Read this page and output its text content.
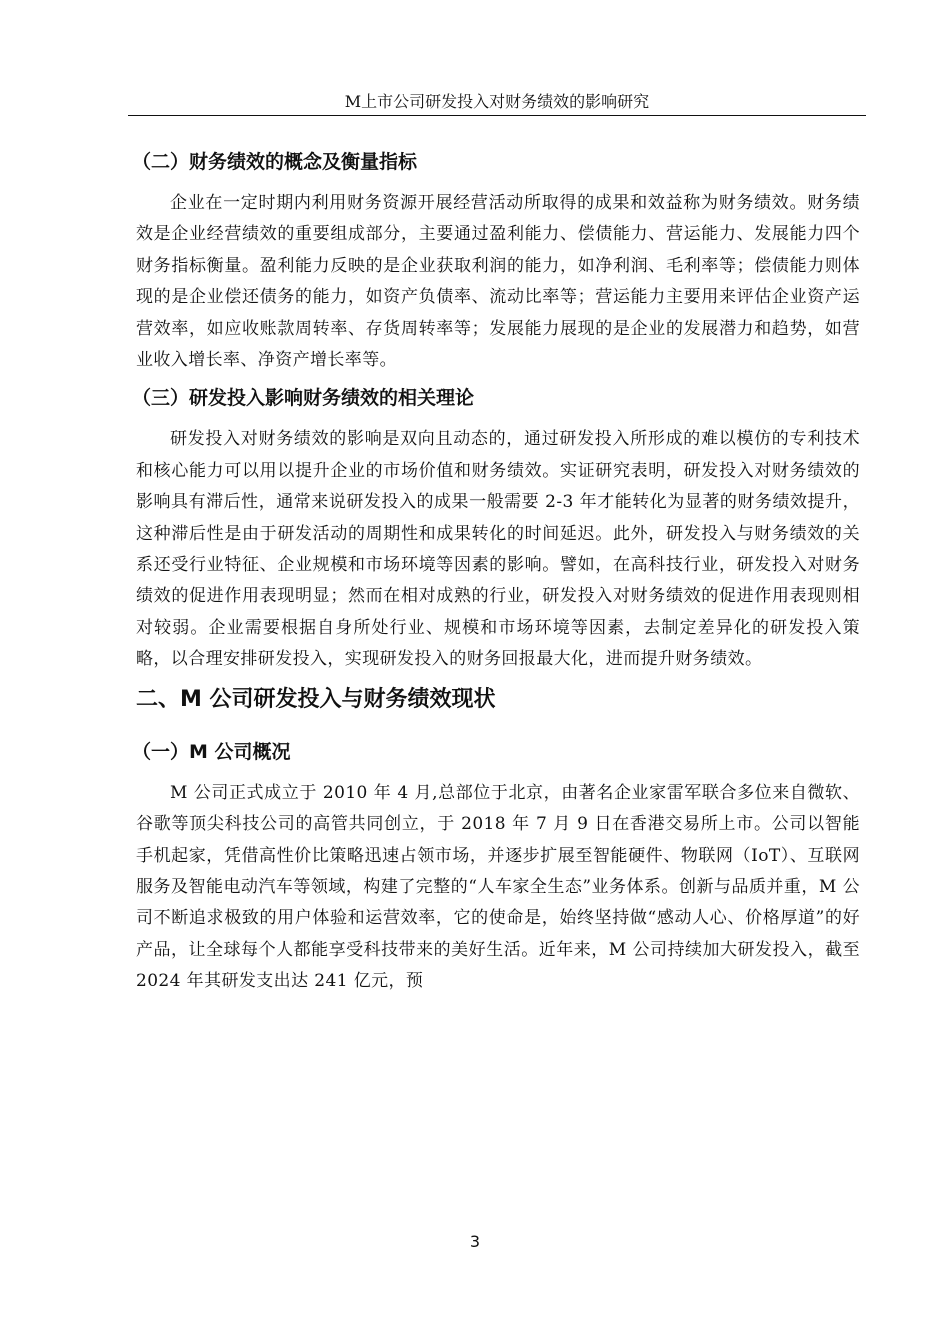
M上市公司研发投入对财务绩效的影响研究
（二）财务绩效的概念及衡量指标

企业在一定时期内利用财务资源开展经营活动所取得的成果和效益称为财务绩效。财务绩效是企业经营绩效的重要组成部分，主要通过盈利能力、偿债能力、营运能力、发展能力四个财务指标衡量。盈利能力反映的是企业获取利润的能力，如净利润、毛利率等；偿债能力则体现的是企业偿还债务的能力，如资产负债率、流动比率等；营运能力主要用来评估企业资产运营效率，如应收账款周转率、存货周转率等；发展能力展现的是企业的发展潜力和趋势，如营业收入增长率、净资产增长率等。

（三）研发投入影响财务绩效的相关理论

研发投入对财务绩效的影响是双向且动态的，通过研发投入所形成的难以模仿的专利技术和核心能力可以用以提升企业的市场价值和财务绩效。实证研究表明，研发投入对财务绩效的影响具有滞后性，通常来说研发投入的成果一般需要 2-3 年才能转化为显著的财务绩效提升，这种滞后性是由于研发活动的周期性和成果转化的时间延迟。此外，研发投入与财务绩效的关系还受行业特征、企业规模和市场环境等因素的影响。譬如，在高科技行业，研发投入对财务绩效的促进作用表现明显；然而在相对成熟的行业，研发投入对财务绩效的促进作用表现则相对较弱。企业需要根据自身所处行业、规模和市场环境等因素，去制定差异化的研发投入策略，以合理安排研发投入，实现研发投入的财务回报最大化，进而提升财务绩效。

二、M 公司研发投入与财务绩效现状
（一）M 公司概况

M 公司正式成立于 2010 年 4 月,总部位于北京，由著名企业家雷军联合多位来自微软、谷歌等顶尖科技公司的高管共同创立，于 2018 年 7 月 9 日在香港交易所上市。公司以智能手机起家，凭借高性价比策略迅速占领市场，并逐步扩展至智能硬件、物联网（IoT）、互联网服务及智能电动汽车等领域，构建了完整的“人车家全生态”业务体系。创新与品质并重，M 公司不断追求极致的用户体验和运营效率，它的使命是，始终坚持做“感动人心、价格厚道”的好产品，让全球每个人都能享受科技带来的美好生活。近年来，M 公司持续加大研发投入，截至 2024 年其研发支出达 241 亿元，预

3
